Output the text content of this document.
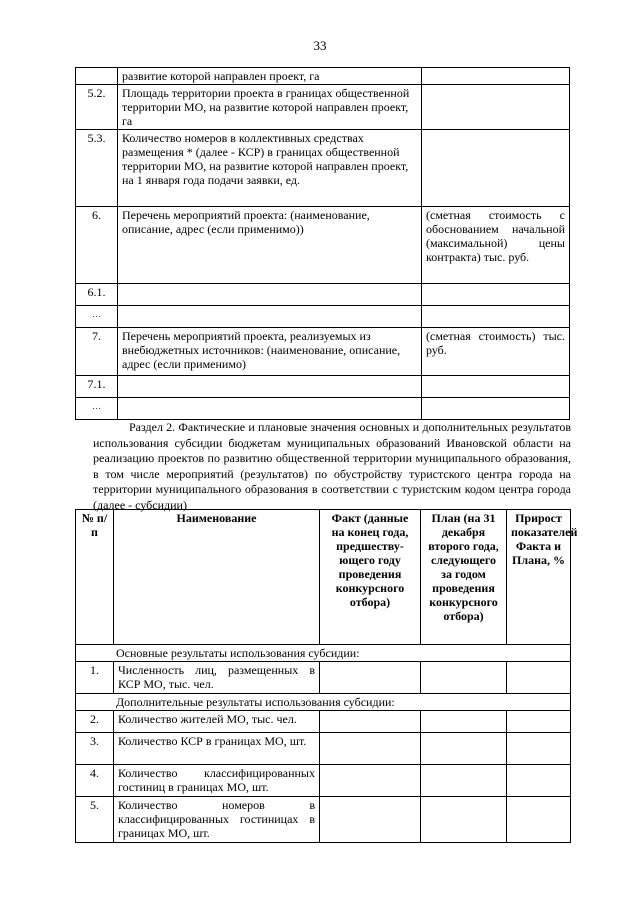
33
	развитие которой направлен проект, га	
5.2.	Площадь территории проекта в границах общественной территории МО, на развитие которой направлен проект, га	
5.3.	Количество номеров в коллективных средствах размещения * (далее - КСР) в границах общественной территории МО, на развитие которой направлен проект, на 1 января года подачи заявки, ед.	
6.	Перечень мероприятий проекта: (наименование, описание, адрес (если применимо))	(сметная стоимость с обоснованием начальной (максимальной) цены контракта) тыс. руб.
6.1.		
…		
7.	Перечень мероприятий проекта, реализуемых из внебюджетных источников: (наименование, описание, адрес (если применимо)	(сметная стоимость) тыс. руб.
7.1.		
…		
Раздел 2. Фактические и плановые значения основных и дополнительных результатов использования субсидии бюджетам муниципальных образований Ивановской области на реализацию проектов по развитию общественной территории муниципального образования, в том числе мероприятий (результатов) по обустройству туристского центра города на территории муниципального образования в соответствии с туристским кодом центра города (далее - субсидии)
№ п/п	Наименование	Факт (данные на конец года, предшеству-ющего году проведения конкурсного отбора)	План (на 31 декабря второго года, следующего за годом проведения конкурсного отбора)	Прирост показателей Факта и Плана, %
Основные результаты использования субсидии:				
1.	Численность лиц, размещенных в КСР МО, тыс. чел.			
Дополнительные результаты использования субсидии:				
2.	Количество жителей МО, тыс. чел.			
3.	Количество КСР в границах МО, шт.			
4.	Количество классифицированных гостиниц в границах МО, шт.			
5.	Количество номеров в классифицированных гостиницах в границах МО, шт.			
